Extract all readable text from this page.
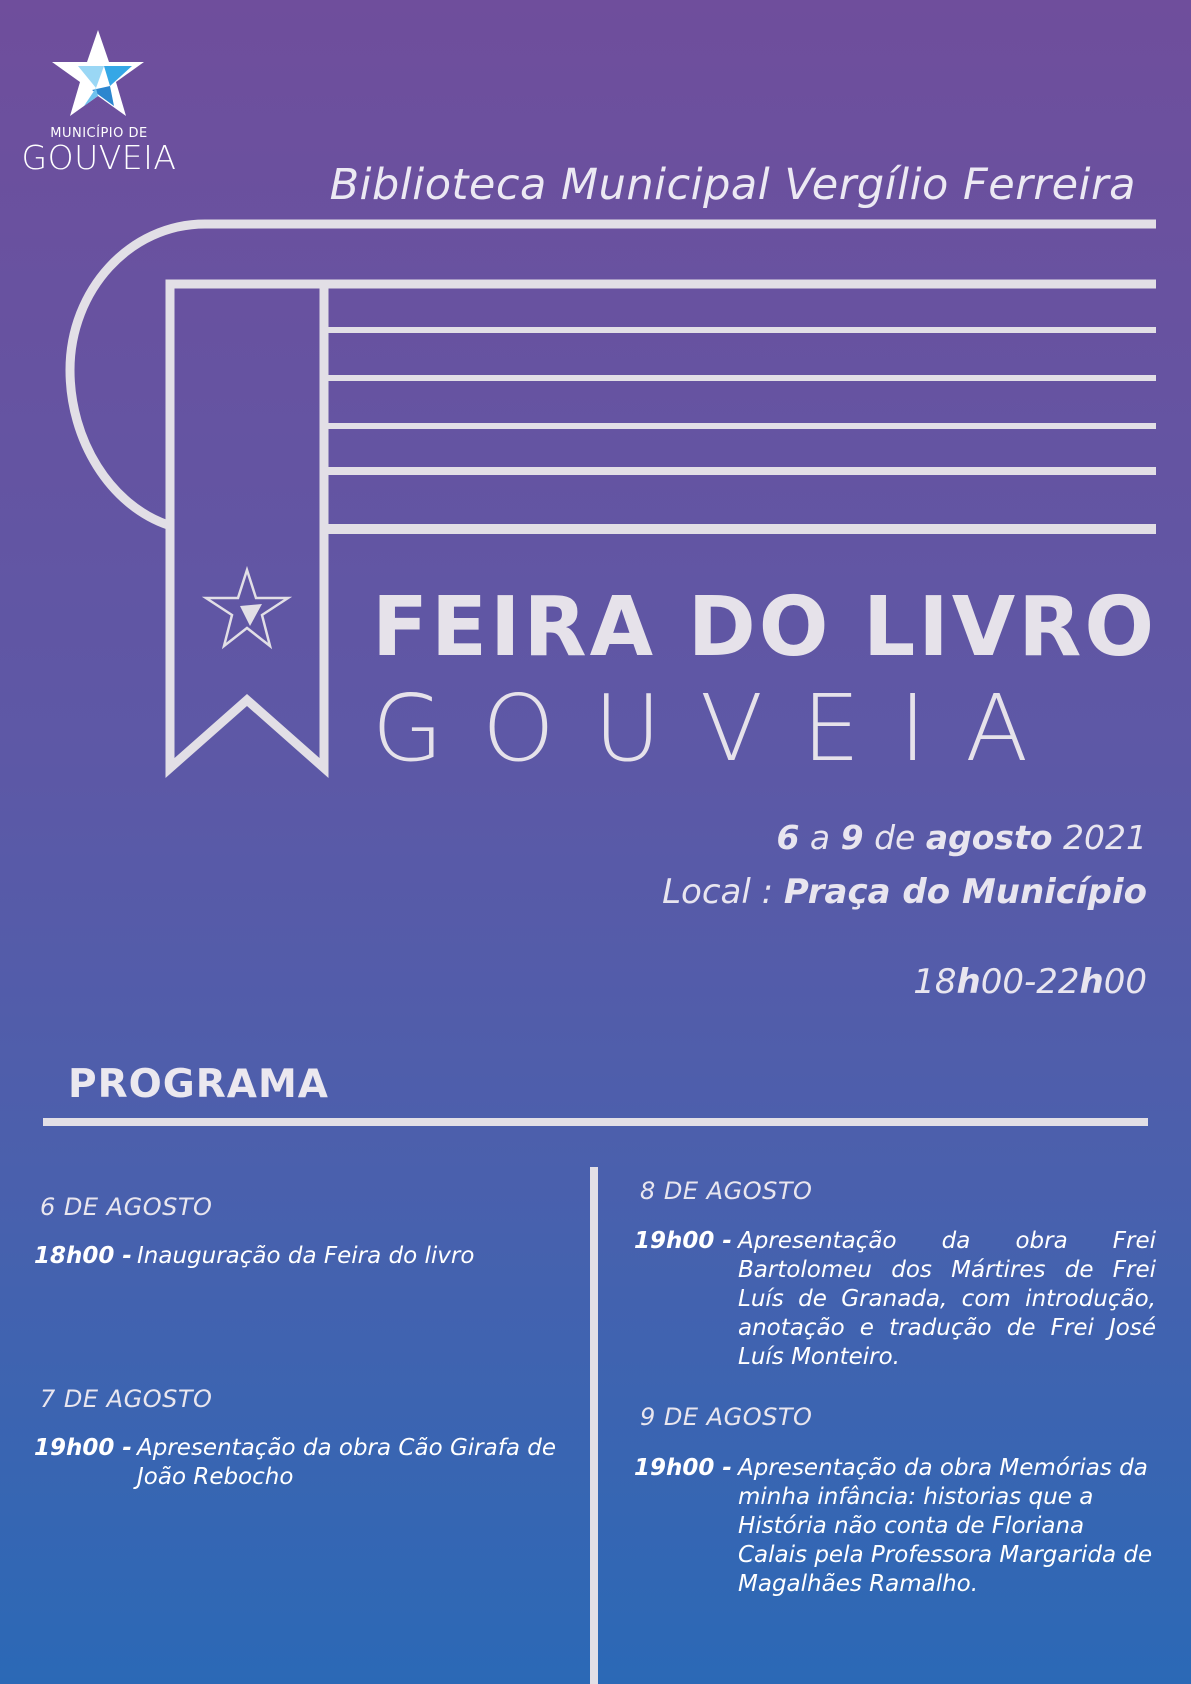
MUNICÍPIO DE
GOUVEIA
Biblioteca Municipal Vergílio Ferreira
FEIRA DO LIVRO
GOUVEIA
6 a 9 de agosto 2021
Local : Praça do Município
18h00-22h00
PROGRAMA
6 DE AGOSTO
18h00 - Inauguração da Feira do livro
7 DE AGOSTO
19h00 - Apresentação da obra Cão Girafa de João Rebocho
8 DE AGOSTO
19h00 - Apresentação da obra Frei Bartolomeu dos Mártires de Frei Luís de Granada, com introdução, anotação e tradução de Frei José Luís Monteiro.
9 DE AGOSTO
19h00 - Apresentação da obra Memórias da minha infância: historias que a História não conta de Floriana Calais pela Professora Margarida de Magalhães Ramalho.
